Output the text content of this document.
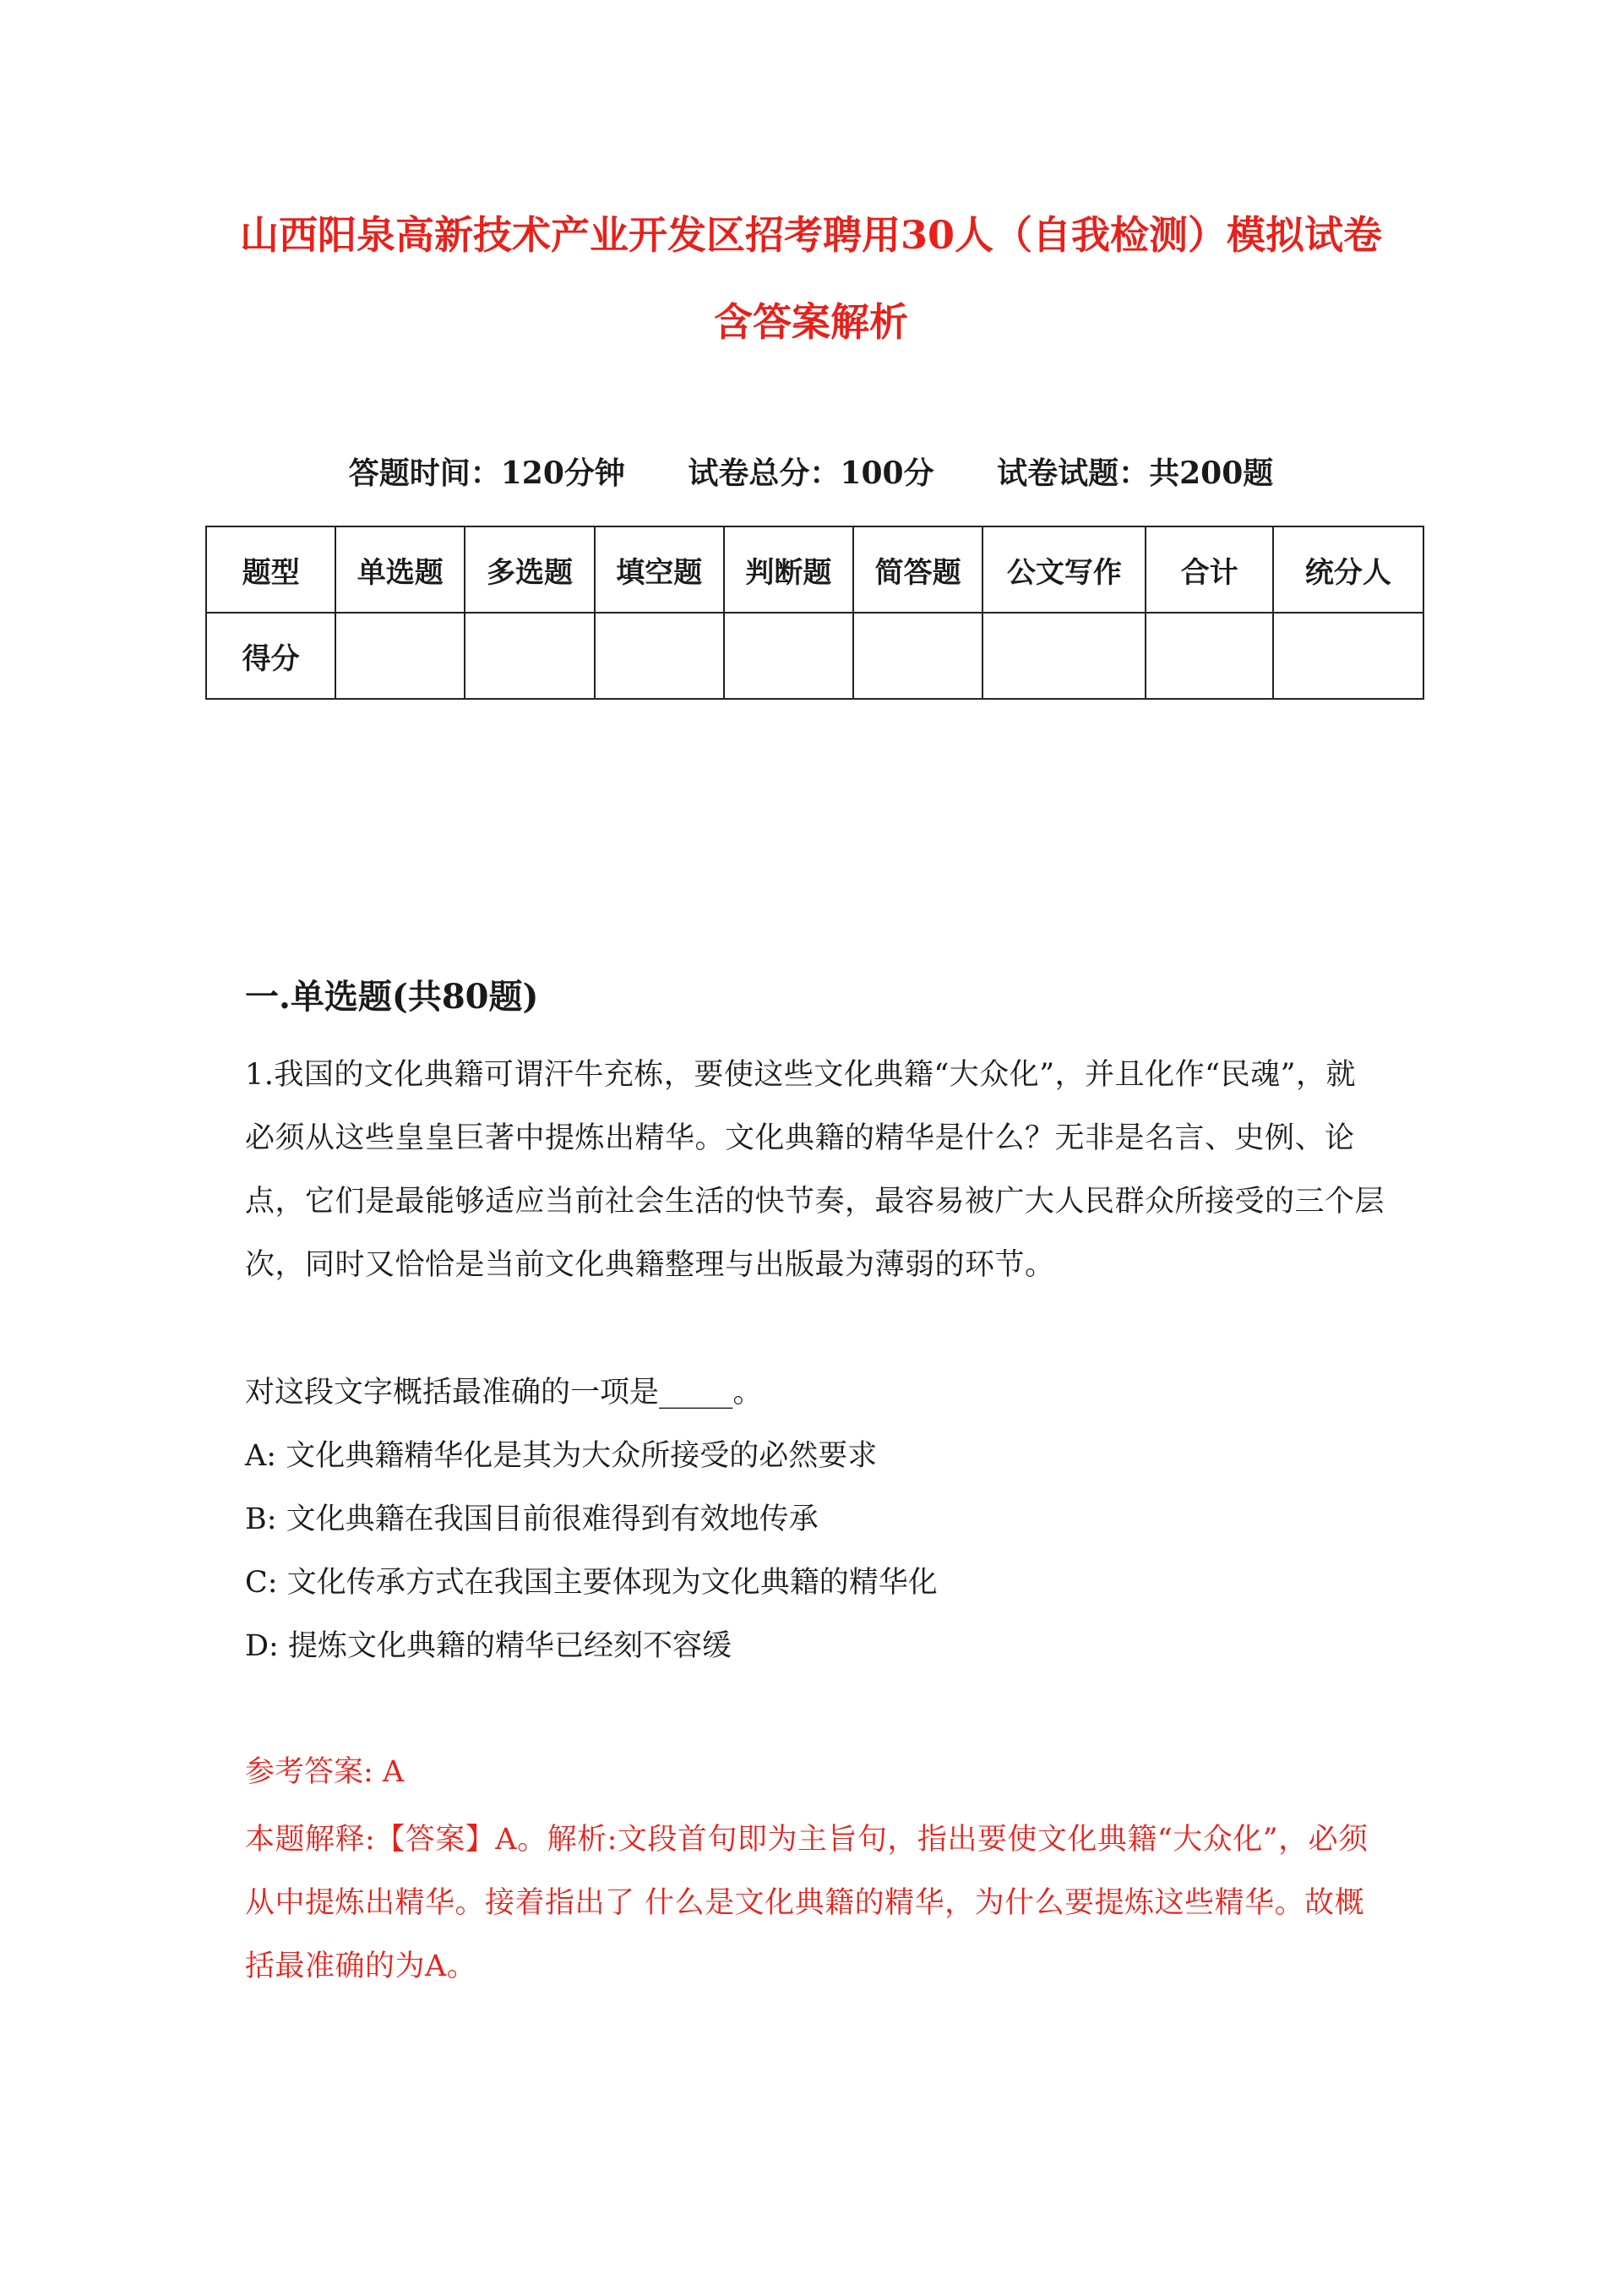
山西阳泉高新技术产业开发区招考聘用30人（自我检测）模拟试卷
含答案解析
答题时间：120分钟 试卷总分：100分 试卷试题：共200题
题型	单选题	多选题	填空题	判断题	简答题	公文写作	合计	统分人
得分								
一.单选题(共80题)
1.我国的文化典籍可谓汗牛充栋，要使这些文化典籍“大众化”，并且化作“民魂”，就必须从这些皇皇巨著中提炼出精华。文化典籍的精华是什么？无非是名言、史例、论点，它们是最能够适应当前社会生活的快节奏，最容易被广大人民群众所接受的三个层次，同时又恰恰是当前文化典籍整理与出版最为薄弱的环节。
对这段文字概括最准确的一项是_____。
A: 文化典籍精华化是其为大众所接受的必然要求
B: 文化典籍在我国目前很难得到有效地传承
C: 文化传承方式在我国主要体现为文化典籍的精华化
D: 提炼文化典籍的精华已经刻不容缓
参考答案: A
本题解释:【答案】A。解析:文段首句即为主旨句，指出要使文化典籍“大众化”，必须从中提炼出精华。接着指出了 什么是文化典籍的精华，为什么要提炼这些精华。故概括最准确的为A。
